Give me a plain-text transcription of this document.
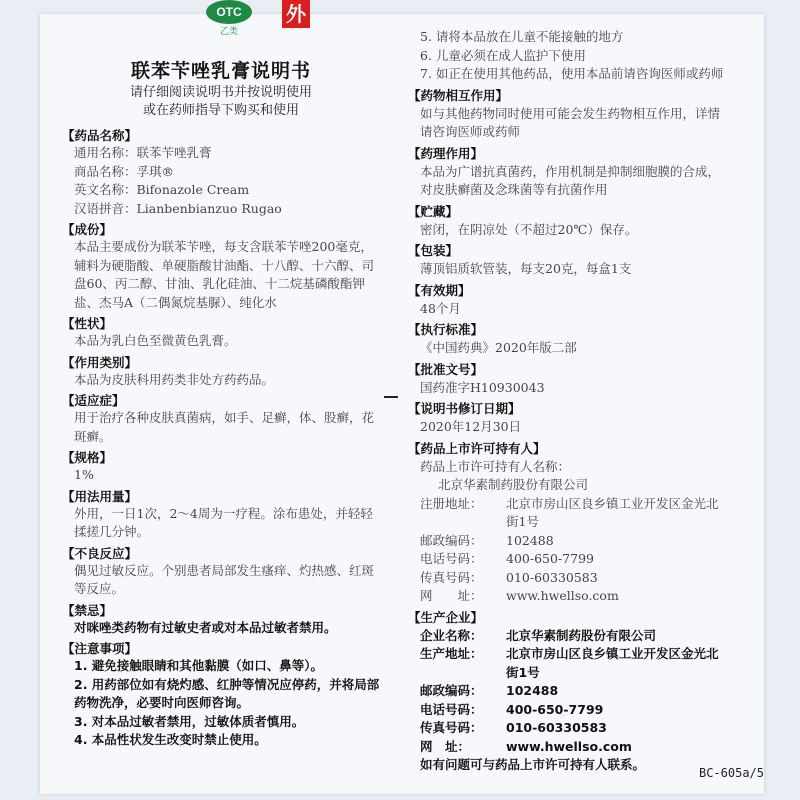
OTC
乙类
外
联苯苄唑乳膏说明书
请仔细阅读说明书并按说明使用
或在药师指导下购买和使用
【 药品名称】
通用名称：联苯苄唑乳膏
商品名称：孚琪®
英文名称：Bifonazole Cream
汉语拼音：Lianbenbianzuo Rugao
【 成份】
本品主要成份为联苯苄唑，每支含联苯苄唑200毫克，辅料为硬脂酸、单硬脂酸甘油酯、十八醇、十六醇、司盘60、丙二醇、甘油、乳化硅油、十二烷基磷酸酯钾盐、杰马A（二偶氮烷基脲）、纯化水
【 性状】
本品为乳白色至微黄色乳膏。
【 作用类别】
本品为皮肤科用药类非处方药药品。
【 适应症】
用于治疗各种皮肤真菌病，如手、足癣，体、股癣，花斑癣。
【 规格】
1%
【 用法用量】
外用，一日1次，2～4周为一疗程。涂布患处，并轻轻揉搓几分钟。
【 不良反应】
偶见过敏反应。个别患者局部发生瘙痒、灼热感、红斑等反应。
【 禁忌】
对咪唑类药物有过敏史者或对本品过敏者禁用。
【 注意事项】
1. 避免接触眼睛和其他黏膜（如口、鼻等）。
2. 用药部位如有烧灼感、红肿等情况应停药，并将局部药物洗净，必要时向医师咨询。
3. 对本品过敏者禁用，过敏体质者慎用。
4. 本品性状发生改变时禁止使用。
5. 请将本品放在儿童不能接触的地方
6. 儿童必须在成人监护下使用
7. 如正在使用其他药品，使用本品前请咨询医师或药师
【 药物相互作用】
如与其他药物同时使用可能会发生药物相互作用，详情请咨询医师或药师
【 药理作用】
本品为广谱抗真菌药，作用机制是抑制细胞膜的合成，对皮肤癣菌及念珠菌等有抗菌作用
【 贮藏】
密闭，在阴凉处（不超过20℃）保存。
【 包装】
薄顶铝质软管装，每支20克，每盒1支
【 有效期】
48个月
【 执行标准】
《中国药典》2020年版二部
【 批准文号】
国药准字H10930043
【 说明书修订日期】
2020年12月30日
【 药品上市许可持有人】
药品上市许可持有人名称：
北京华素制药股份有限公司
注册地址：	北京市房山区良乡镇工业开发区金光北街1号
邮政编码：	102488
电话号码：	400-650-7799
传真号码：	010-60330583
网　　址：	www.hwellso.com
【 生产企业】
企业名称：	北京华素制药股份有限公司
生产地址：	北京市房山区良乡镇工业开发区金光北街1号
邮政编码：	102488
电话号码：	400-650-7799
传真号码：	010-60330583
网　址：	www.hwellso.com
如有问题可与药品上市许可持有人联系。
BC-605a/5
